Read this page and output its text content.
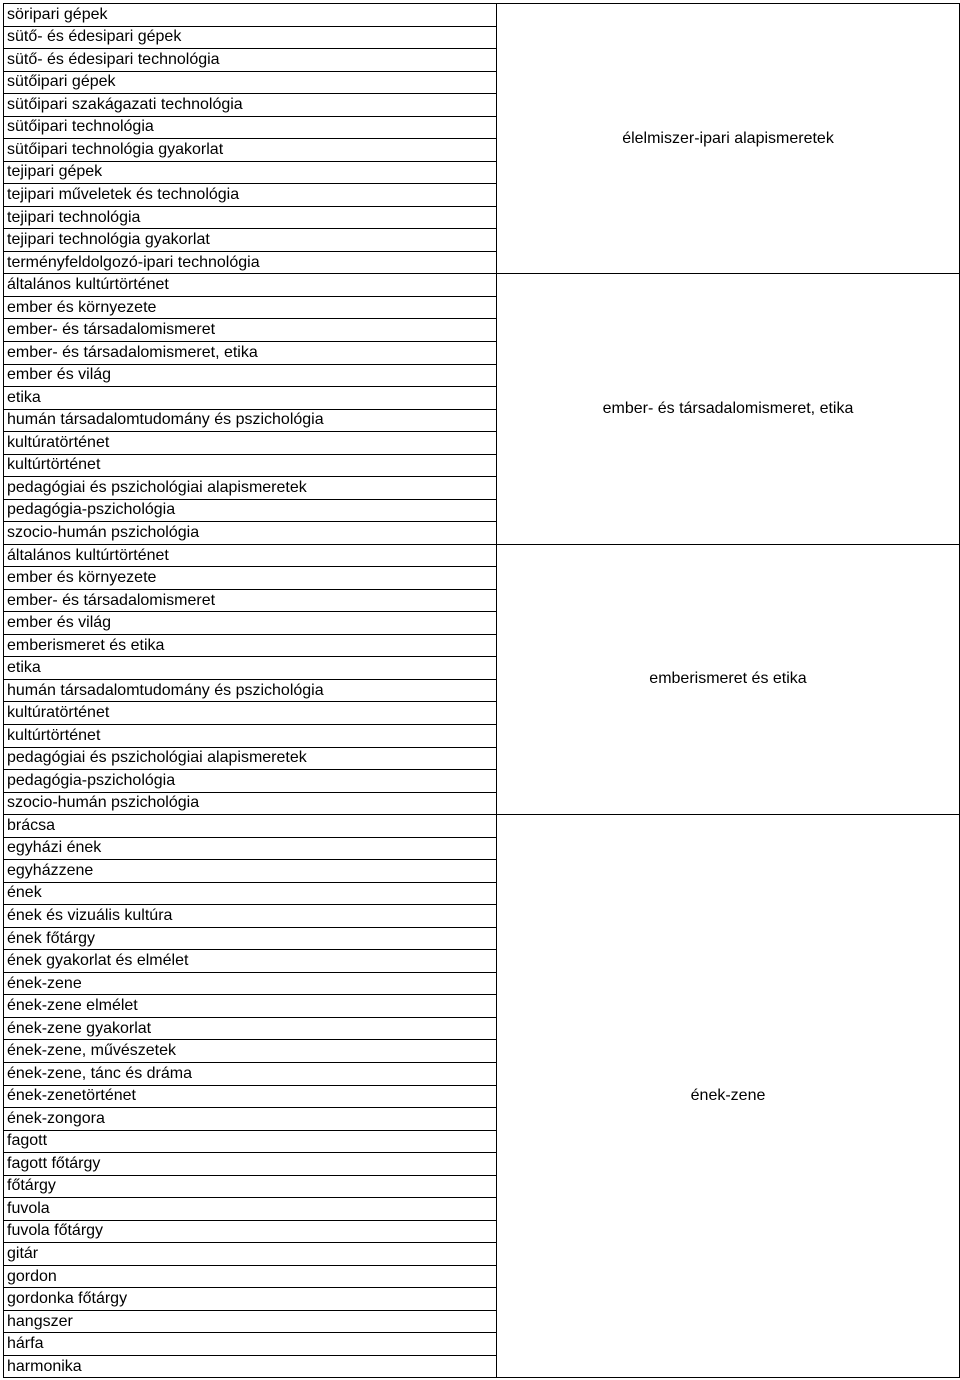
söripari gépek	élelmiszer-ipari alapismeretek
sütő- és édesipari gépek	
sütő- és édesipari technológia	
sütőipari gépek	
sütőipari szakágazati technológia	
sütőipari technológia	
sütőipari technológia gyakorlat	
tejipari gépek	
tejipari műveletek és technológia	
tejipari technológia	
tejipari technológia gyakorlat	
terményfeldolgozó-ipari technológia	
általános kultúrtörténet	ember- és társadalomismeret, etika
ember és környezete	
ember- és társadalomismeret	
ember- és társadalomismeret, etika	
ember és világ	
etika	
humán társadalomtudomány és pszichológia	
kultúratörténet	
kultúrtörténet	
pedagógiai és pszichológiai alapismeretek	
pedagógia-pszichológia	
szocio-humán pszichológia	
általános kultúrtörténet	emberismeret és etika
ember és környezete	
ember- és társadalomismeret	
ember és világ	
emberismeret és etika	
etika	
humán társadalomtudomány és pszichológia	
kultúratörténet	
kultúrtörténet	
pedagógiai és pszichológiai alapismeretek	
pedagógia-pszichológia	
szocio-humán pszichológia	
brácsa	ének-zene
egyházi ének	
egyházzene	
ének	
ének és vizuális kultúra	
ének főtárgy	
ének gyakorlat és elmélet	
ének-zene	
ének-zene elmélet	
ének-zene gyakorlat	
ének-zene, művészetek	
ének-zene, tánc és dráma	
ének-zenetörténet	
ének-zongora	
fagott	
fagott főtárgy	
főtárgy	
fuvola	
fuvola főtárgy	
gitár	
gordon	
gordonka főtárgy	
hangszer	
hárfa	
harmonika	
